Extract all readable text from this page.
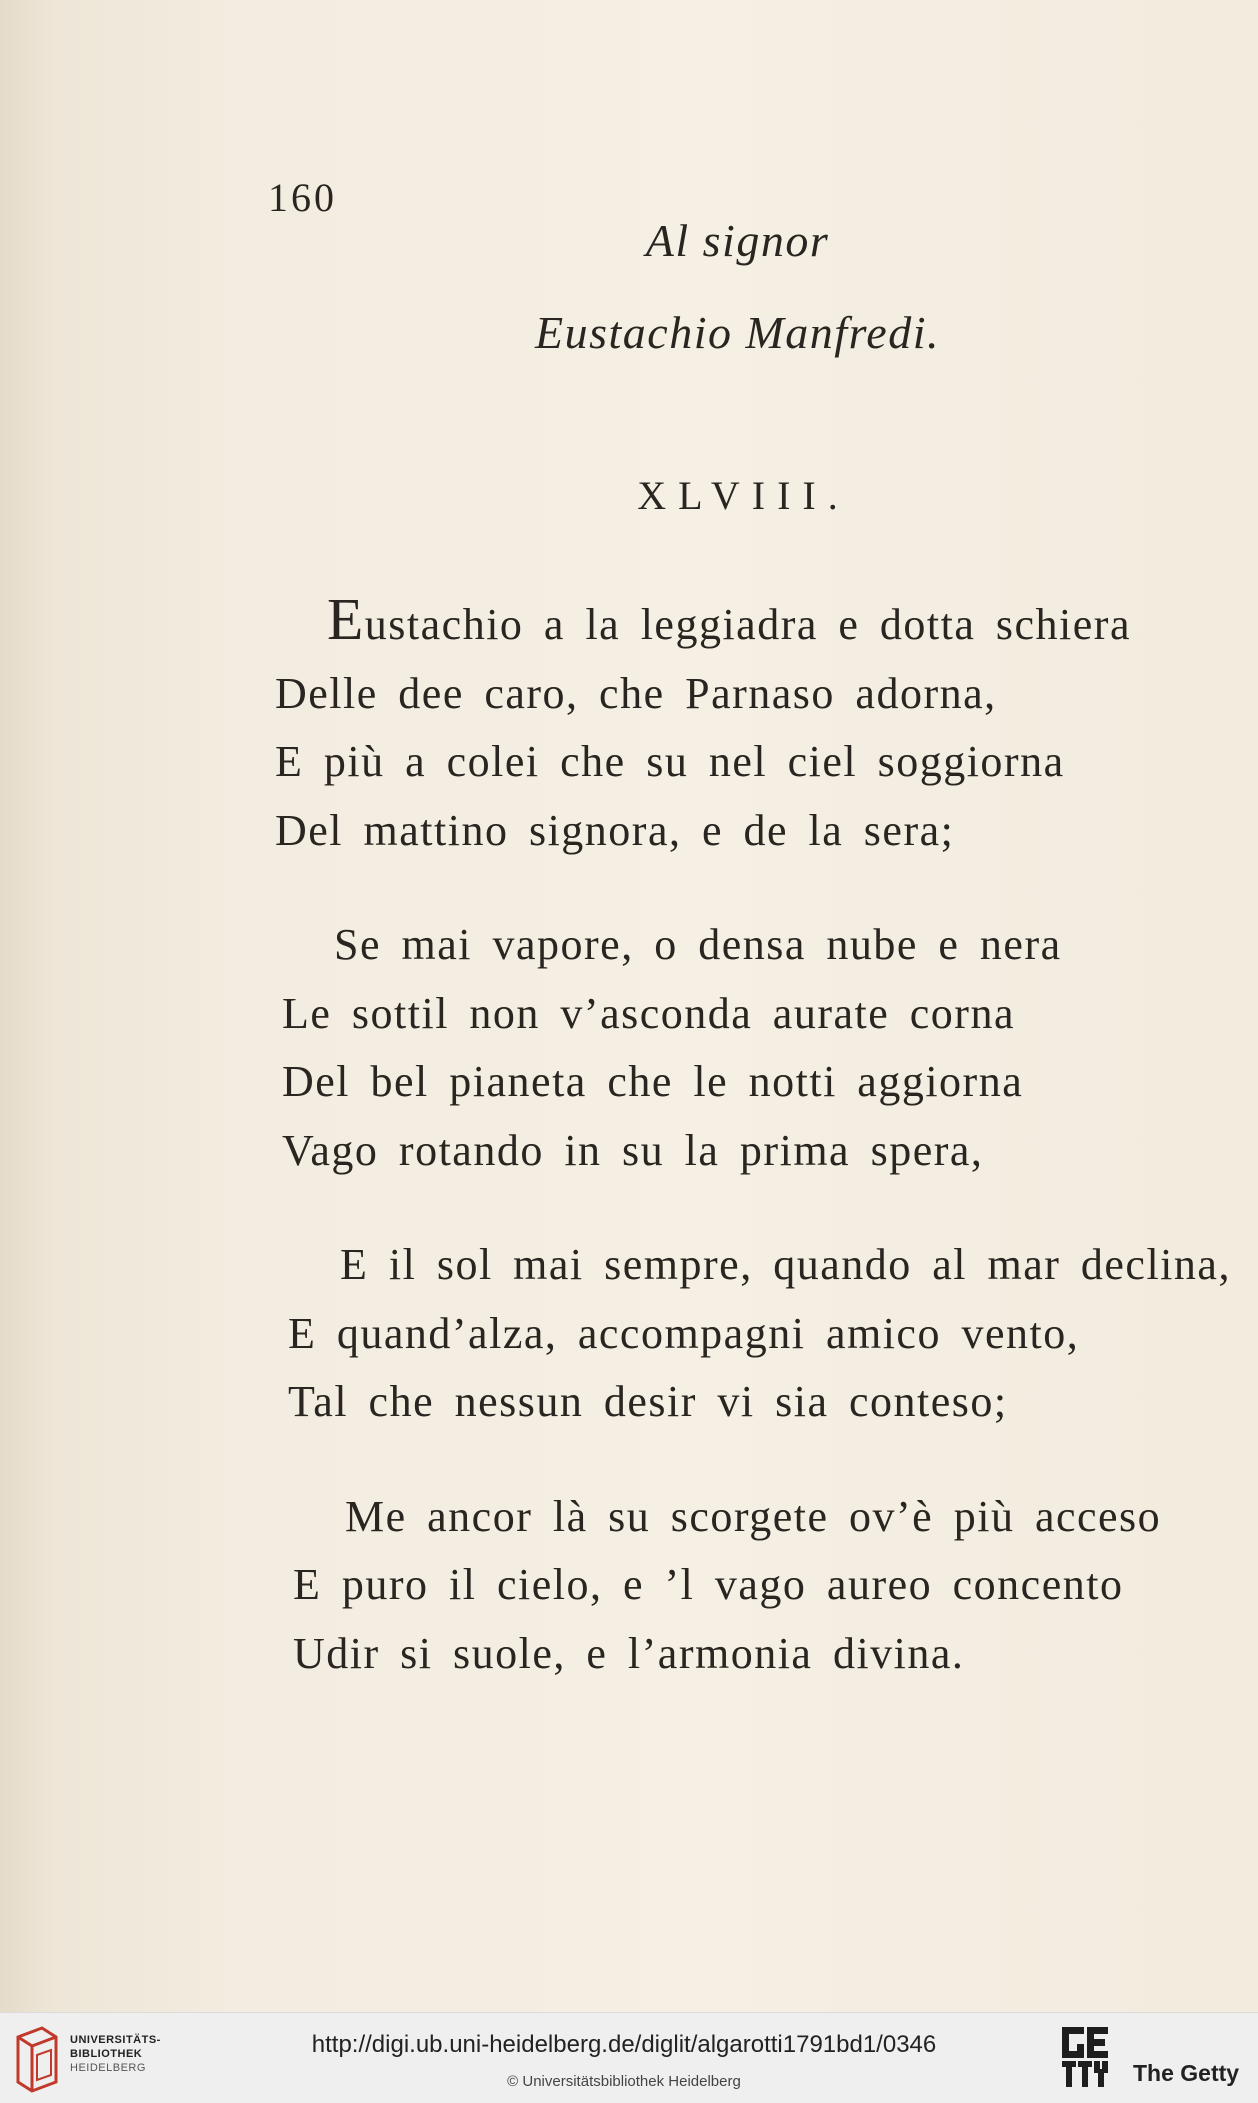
160
Al signor
Eustachio Manfredi.
XLVIII.
Eustachio a la leggiadra e dotta schiera
Delle dee caro, che Parnaso adorna,
E più a colei che su nel ciel soggiorna
Del mattino signora, e de la sera;
Se mai vapore, o densa nube e nera
Le sottil non v’asconda aurate corna
Del bel pianeta che le notti aggiorna
Vago rotando in su la prima spera,
E il sol mai sempre, quando al mar declina,
E quand’alza, accompagni amico vento,
Tal che nessun desir vi sia conteso;
Me ancor là su scorgete ov’è più acceso
E puro il cielo, e ’l vago aureo concento
Udir si suole, e l’armonia divina.
UNIVERSITÄTS-
BIBLIOTHEK
HEIDELBERG
http://digi.ub.uni-heidelberg.de/diglit/algarotti1791bd1/0346
© Universitätsbibliothek Heidelberg	The Getty
